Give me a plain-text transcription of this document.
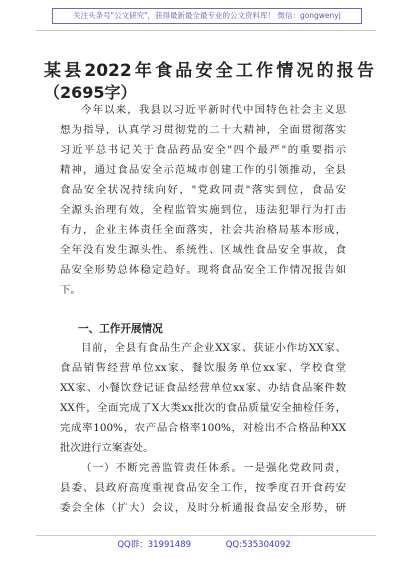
关注头条号"公文研究"，获得最新最全最专业的公文资料库！ 微信：gongwenyj
某县2022年食品安全工作情况的报告
（2695字）
今年以来，我县以习近平新时代中国特色社会主义思
想为指导，认真学习贯彻党的二十大精神，全面贯彻落实
习近平总书记关于食品药品安全"四个最严"的重要指示
精神，通过食品安全示范城市创建工作的引领推动，全县
食品安全状况持续向好，"党政同责"落实到位，食品安
全源头治理有效，全程监管实施到位，违法犯罪行为打击
有力，企业主体责任全面落实，社会共治格局基本形成，
全年没有发生源头性、系统性、区域性食品安全事故，食
品安全形势总体稳定趋好。现将食品安全工作情况报告如
下。
一、工作开展情况
目前，全县有食品生产企业XX家、获证小作坊XX家、
食品销售经营单位xx家、餐饮服务单位xx家、学校食堂
XX家、小餐饮登记证食品经营单位xx家、办结食品案件数
XX件，全面完成了X大类xx批次的食品质量安全抽检任务，
完成率100%，农产品合格率100%，对检出不合格品种XX
批次进行立案查处。
（一）不断完善监管责任体系。一是强化党政同责，
县委、县政府高度重视食品安全工作，按季度召开食药安
委会全体（扩大）会议，及时分析通报食品安全形势，研
QQ群：31991489	QQ:535304092
